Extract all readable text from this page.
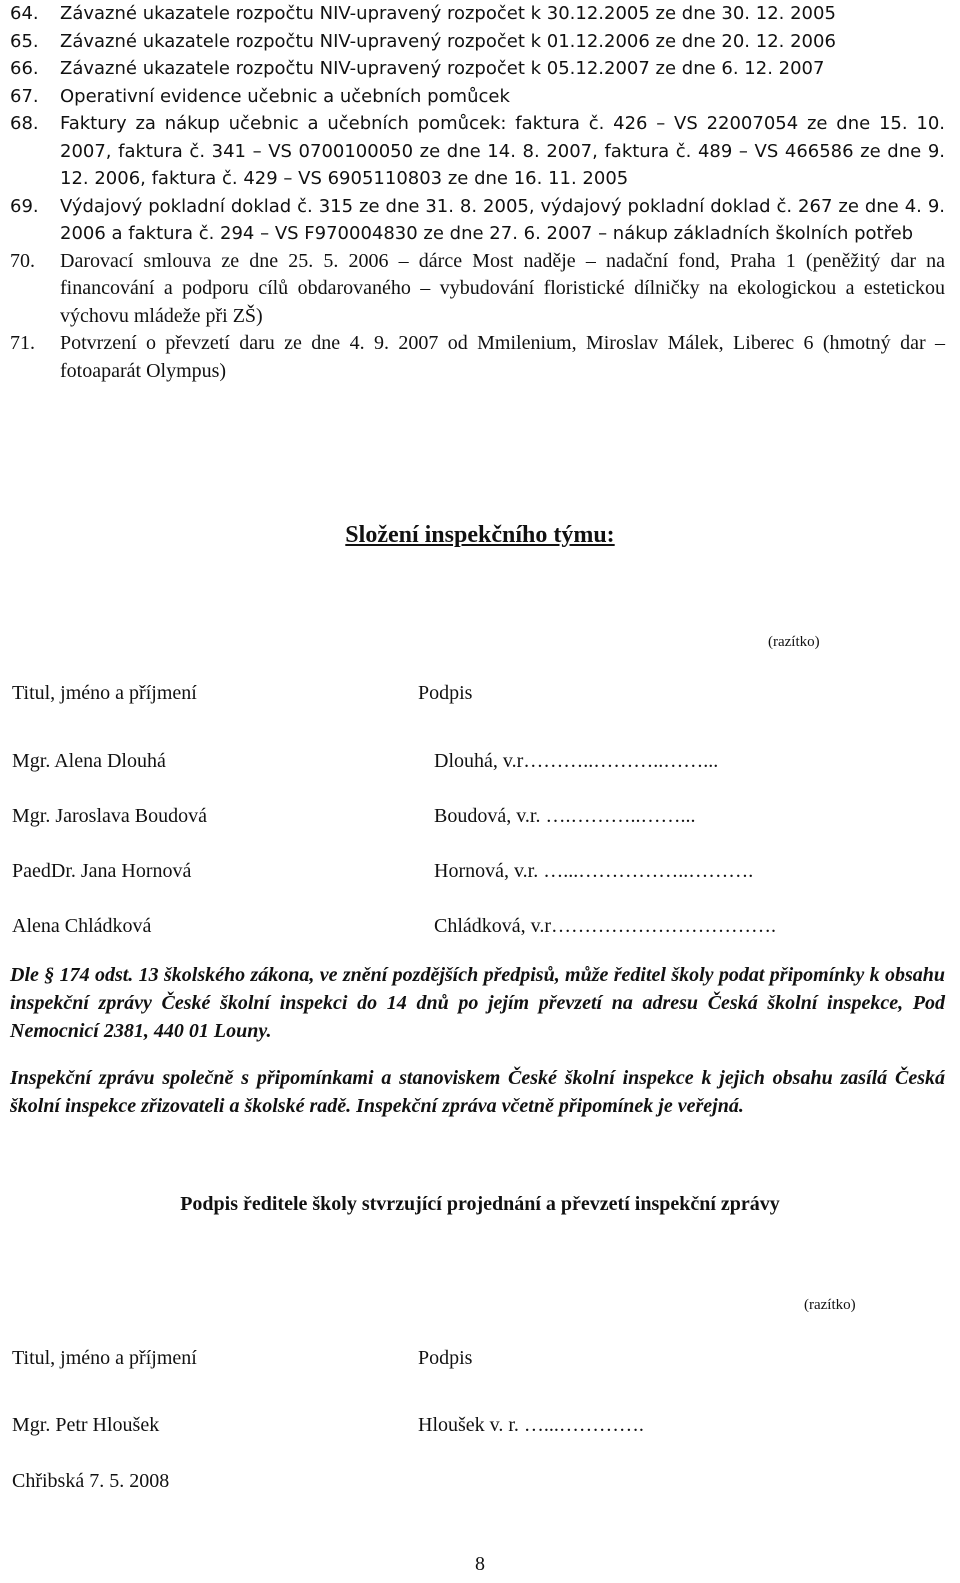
64.	Závazné ukazatele rozpočtu NIV-upravený rozpočet k 30.12.2005 ze dne 30. 12. 2005
65.	Závazné ukazatele rozpočtu NIV-upravený rozpočet k 01.12.2006 ze dne 20. 12. 2006
66.	Závazné ukazatele rozpočtu NIV-upravený rozpočet k 05.12.2007 ze dne 6. 12. 2007
67.	Operativní evidence učebnic a učebních pomůcek
68.	Faktury za nákup učebnic a učebních pomůcek: faktura č. 426 – VS 22007054 ze dne 15. 10. 2007, faktura č. 341 – VS 0700100050 ze dne 14. 8. 2007, faktura č. 489 – VS 466586 ze dne 9. 12. 2006, faktura č. 429 – VS 6905110803 ze dne 16. 11. 2005
69.	Výdajový pokladní doklad č. 315 ze dne 31. 8. 2005, výdajový pokladní doklad č. 267 ze dne 4. 9. 2006 a faktura č. 294 – VS F970004830 ze dne 27. 6. 2007 – nákup základních školních potřeb
70.	Darovací smlouva ze dne 25. 5. 2006 – dárce Most naděje – nadační fond, Praha 1 (peněžitý dar na financování a podporu cílů obdarovaného – vybudování floristické dílničky na ekologickou a estetickou výchovu mládeže při ZŠ)
71.	Potvrzení o převzetí daru ze dne 4. 9. 2007 od Mmilenium, Miroslav Málek, Liberec 6 (hmotný dar – fotoaparát Olympus)
Složení inspekčního týmu:
(razítko)
Titul, jméno a příjmení	Podpis
Mgr. Alena Dlouhá	Dlouhá, v.r………..………..……...
Mgr. Jaroslava Boudová	Boudová, v.r. ….………..……...
PaedDr. Jana Hornová	Hornová, v.r. …...……………..……….
Alena Chládková	Chládková, v.r…………………………….
Dle § 174 odst. 13 školského zákona, ve znění pozdějších předpisů, může ředitel školy podat připomínky k obsahu inspekční zprávy České školní inspekci do 14 dnů po jejím převzetí na adresu Česká školní inspekce, Pod Nemocnicí 2381, 440 01 Louny.
Inspekční zprávu společně s připomínkami a stanoviskem České školní inspekce k jejich obsahu zasílá Česká školní inspekce zřizovateli a školské radě. Inspekční zpráva včetně připomínek je veřejná.
Podpis ředitele školy stvrzující projednání a převzetí inspekční zprávy
(razítko)
Titul, jméno a příjmení	Podpis
Mgr. Petr Hloušek	Hloušek v. r. …...………….
Chřibská 7. 5. 2008
8
